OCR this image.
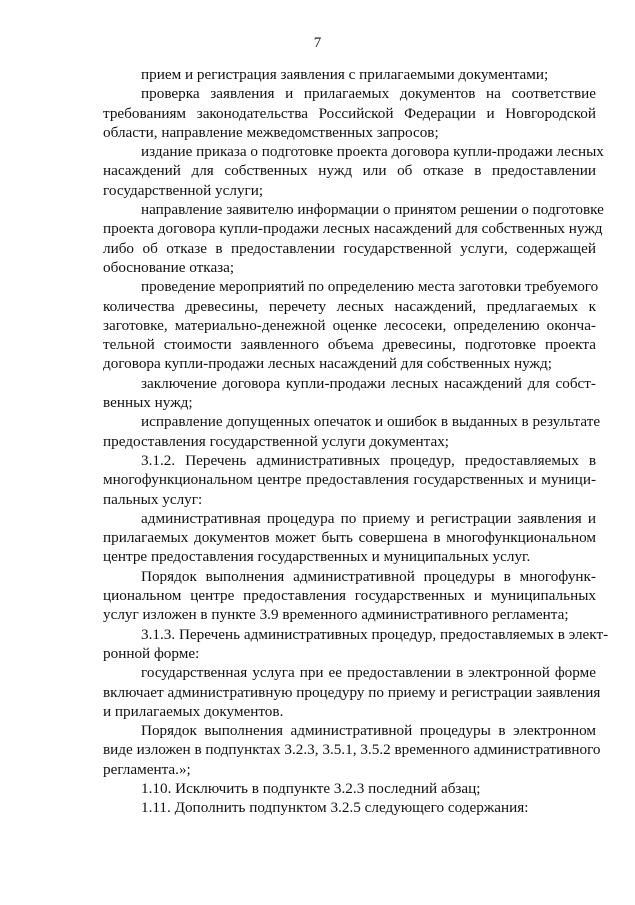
7

прием и регистрация заявления с прилагаемыми документами;

проверка заявления и прилагаемых документов на соответствие
требованиям законодательства Российской Федерации и Новгородской
области, направление межведомственных запросов;

издание приказа о подготовке проекта договора купли-продажи лесных
насаждений для собственных нужд или об отказе в предоставлении
государственной услуги;

направление заявителю информации о принятом решении о подготовке
проекта договора купли-продажи лесных насаждений для собственных нужд
либо об отказе в предоставлении государственной услуги, содержащей
обоснование отказа;

проведение мероприятий по определению места заготовки требуемого
количества древесины, перечету лесных насаждений, предлагаемых к
заготовке, материально-денежной оценке лесосеки, определению оконча-
тельной стоимости заявленного объема древесины, подготовке проекта
договора купли-продажи лесных насаждений для собственных нужд;

заключение договора купли-продажи лесных насаждений для собст-
венных нужд;

исправление допущенных опечаток и ошибок в выданных в результате
предоставления государственной услуги документах;

3.1.2. Перечень административных процедур, предоставляемых в
многофункциональном центре предоставления государственных и муници-
пальных услуг:

административная процедура по приему и регистрации заявления и
прилагаемых документов может быть совершена в многофункциональном
центре предоставления государственных и муниципальных услуг.

Порядок выполнения административной процедуры в многофунк-
циональном центре предоставления государственных и муниципальных
услуг изложен в пункте 3.9 временного административного регламента;

3.1.3. Перечень административных процедур, предоставляемых в элект-
ронной форме:

государственная услуга при ее предоставлении в электронной форме
включает административную процедуру по приему и регистрации заявления
и прилагаемых документов.

Порядок выполнения административной процедуры в электронном
виде изложен в подпунктах 3.2.3, 3.5.1, 3.5.2 временного административного
регламента.»;

1.10. Исключить в подпункте 3.2.3 последний абзац;

1.11. Дополнить подпунктом 3.2.5 следующего содержания:
